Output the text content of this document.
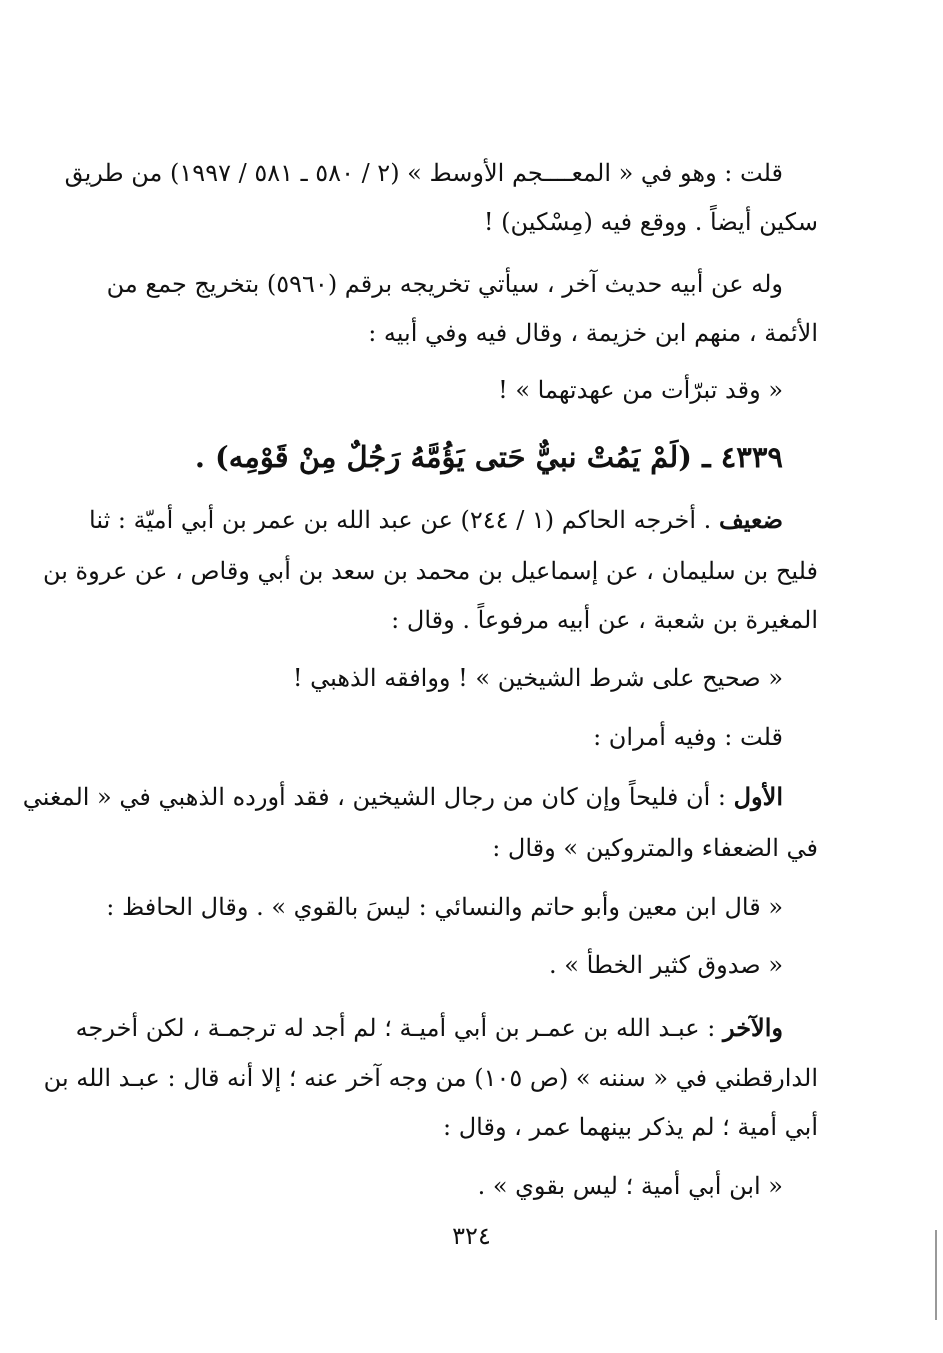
قلت : وهو في « المعــــجم الأوسط » (٢ / ٥٨٠ ـ ٥٨١ / ١٩٩٧) من طريق
سكين أيضاً . ووقع فيه (مِسْكين) !
وله عن أبيه حديث آخر ، سيأتي تخريجه برقم (٥٩٦٠) بتخريج جمع من
الأئمة ، منهم ابن خزيمة ، وقال فيه وفي أبيه :
« وقد تبرّأت من عهدتهما » !
٤٣٣٩ ـ (لَمْ يَمُتْ نبيٌّ حَتى يَؤُمَّهُ رَجُلٌ مِنْ قَوْمِه) .
ضعيف . أخرجه الحاكم (١ / ٢٤٤) عن عبد الله بن عمر بن أبي أميّة : ثنا
فليح بن سليمان ، عن إسماعيل بن محمد بن سعد بن أبي وقاص ، عن عروة بن
المغيرة بن شعبة ، عن أبيه مرفوعاً . وقال :
« صحيح على شرط الشيخين » ! ووافقه الذهبي !
قلت : وفيه أمران :
الأول : أن فليحاً وإن كان من رجال الشيخين ، فقد أورده الذهبي في « المغني
في الضعفاء والمتروكين » وقال :
« قال ابن معين وأبو حاتم والنسائي : ليسَ بالقوي » . وقال الحافظ :
« صدوق كثير الخطأ » .
والآخر : عبـد الله بن عمـر بن أبي أميـة ؛ لم أجد له ترجمـة ، لكن أخرجه
الدارقطني في « سننه » (ص ١٠٥) من وجه آخر عنه ؛ إلا أنه قال : عبـد الله بن
أبي أمية ؛ لم يذكر بينهما عمر ، وقال :
« ابن أبي أمية ؛ ليس بقوي » .
٣٢٤
